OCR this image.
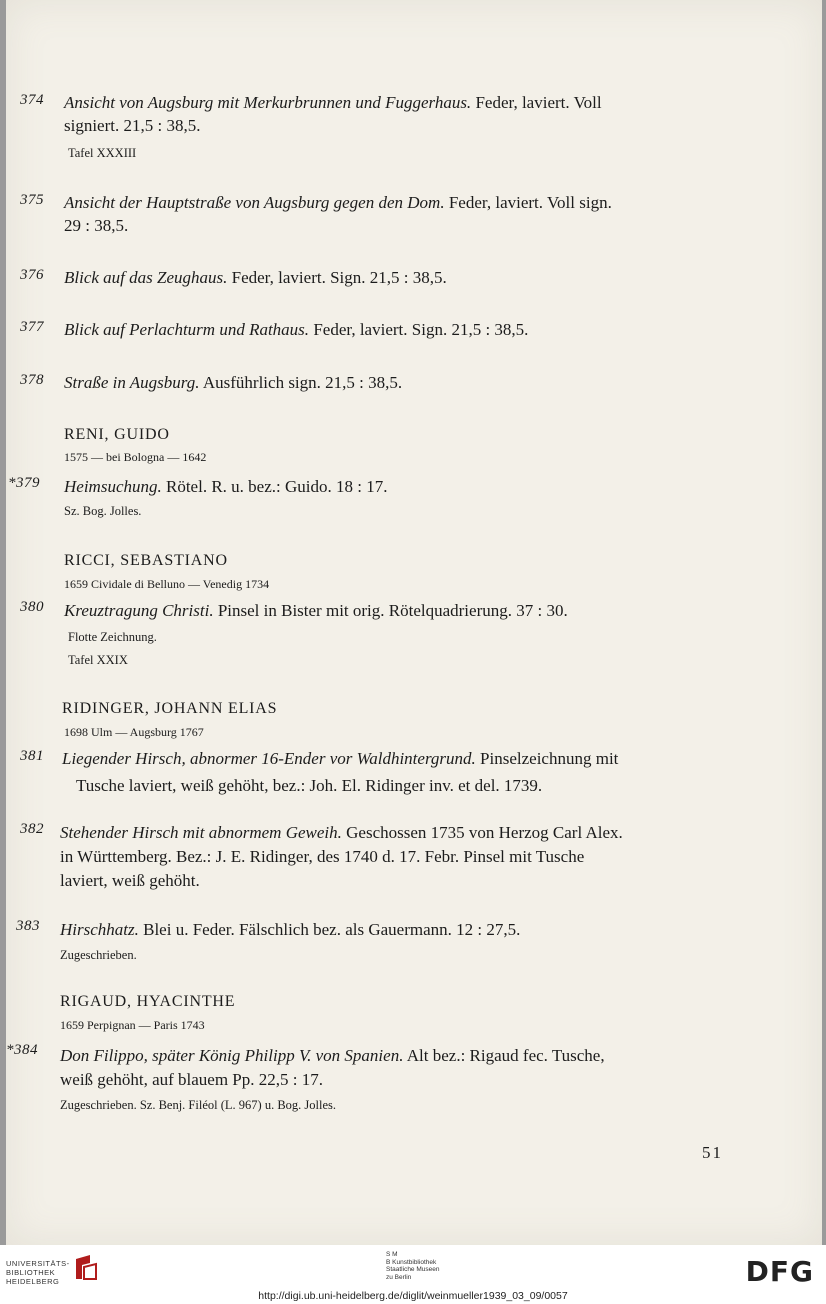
374 Ansicht von Augsburg mit Merkurbrunnen und Fuggerhaus. Feder, laviert. Voll
signiert. 21,5 : 38,5.
Tafel XXXIII
375 Ansicht der Hauptstraße von Augsburg gegen den Dom. Feder, laviert. Voll sign.
29 : 38,5.
376 Blick auf das Zeughaus. Feder, laviert. Sign. 21,5 : 38,5.
377 Blick auf Perlachturm und Rathaus. Feder, laviert. Sign. 21,5 : 38,5.
378 Straße in Augsburg. Ausführlich sign. 21,5 : 38,5.
RENI, GUIDO
1575 — bei Bologna — 1642
*379 Heimsuchung. Rötel. R. u. bez.: Guido. 18 : 17.
Sz. Bog. Jolles.
RICCI, SEBASTIANO
1659 Cividale di Belluno — Venedig 1734
380 Kreuztragung Christi. Pinsel in Bister mit orig. Rötelquadrierung. 37 : 30.
Flotte Zeichnung.
Tafel XXIX
RIDINGER, JOHANN ELIAS
1698 Ulm — Augsburg 1767
381 Liegender Hirsch, abnormer 16-Ender vor Waldhintergrund. Pinselzeichnung mit
Tusche laviert, weiß gehöht, bez.: Joh. El. Ridinger inv. et del. 1739.
382 Stehender Hirsch mit abnormem Geweih. Geschossen 1735 von Herzog Carl Alex.
in Württemberg. Bez.: J. E. Ridinger, des 1740 d. 17. Febr. Pinsel mit Tusche
laviert, weiß gehöht.
383 Hirschhatz. Blei u. Feder. Fälschlich bez. als Gauermann. 12 : 27,5.
Zugeschrieben.
RIGAUD, HYACINTHE
1659 Perpignan — Paris 1743
*384 Don Filippo, später König Philipp V. von Spanien. Alt bez.: Rigaud fec. Tusche,
weiß gehöht, auf blauem Pp. 22,5 : 17.
Zugeschrieben. Sz. Benj. Filéol (L. 967) u. Bog. Jolles.
51
UNIVERSITÄTS-
BIBLIOTHEK
HEIDELBERG
S M
B Kunstbibliothek
Staatliche Museen
zu Berlin	DFG
http://digi.ub.uni-heidelberg.de/diglit/weinmueller1939_03_09/0057
